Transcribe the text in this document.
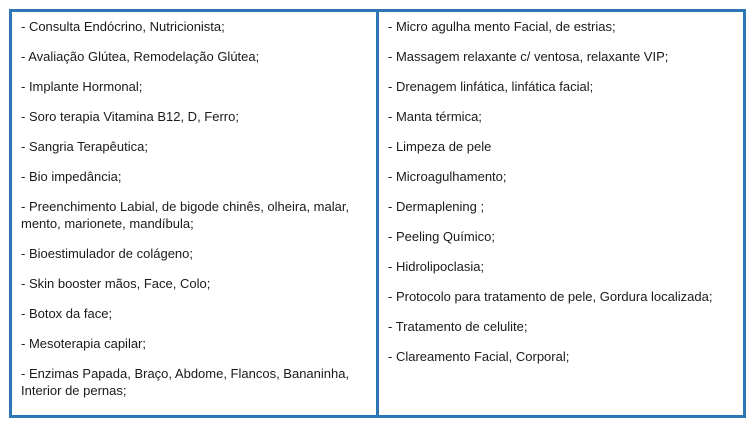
- Consulta Endócrino, Nutricionista;
- Avaliação Glútea, Remodelação Glútea;
- Implante Hormonal;
- Soro terapia Vitamina B12, D, Ferro;
- Sangria Terapêutica;
- Bio impedância;
- Preenchimento Labial, de bigode chinês, olheira, malar, mento, marionete, mandíbula;
- Bioestimulador de colágeno;
- Skin booster mãos, Face, Colo;
- Botox da face;
- Mesoterapia capilar;
- Enzimas Papada, Braço, Abdome, Flancos, Bananinha, Interior de pernas;
- Micro agulha mento Facial, de estrias;
- Massagem relaxante c/ ventosa, relaxante VIP;
- Drenagem linfática, linfática facial;
- Manta térmica;
- Limpeza de pele
- Microagulhamento;
- Dermaplening ;
- Peeling Químico;
- Hidrolipoclasia;
- Protocolo para tratamento de pele, Gordura localizada;
- Tratamento de celulite;
- Clareamento Facial, Corporal;
